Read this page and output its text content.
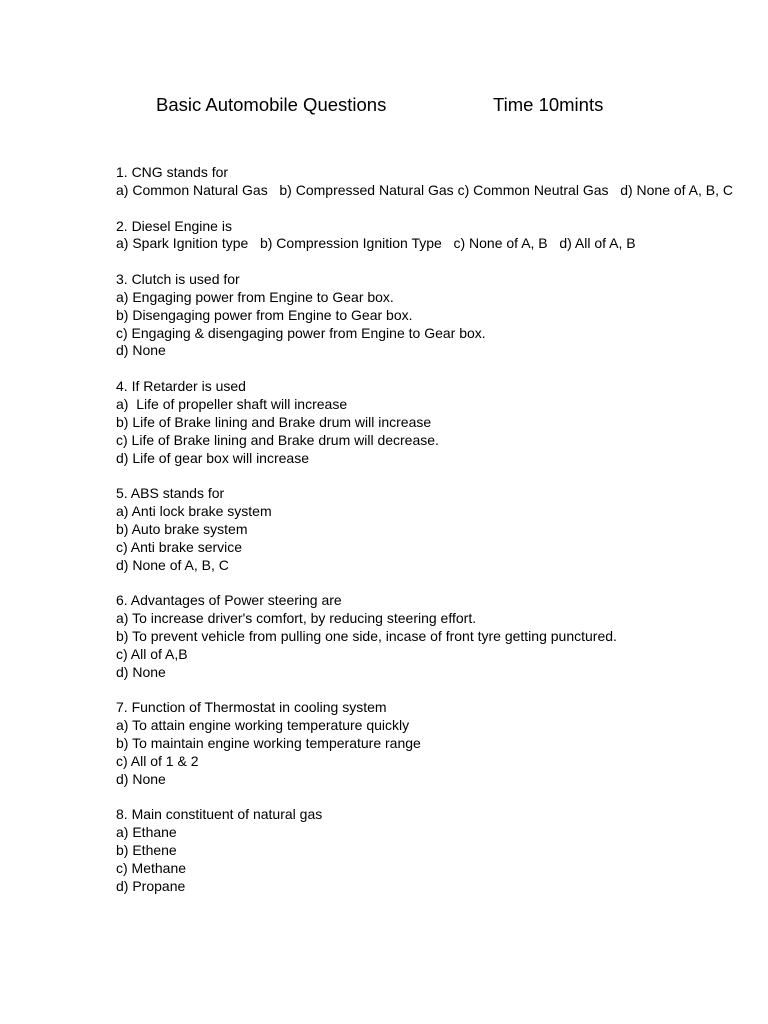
Basic Automobile Questions	Time 10mints
1. CNG stands for
a) Common Natural Gas   b) Compressed Natural Gas c) Common Neutral Gas   d) None of A, B, C
2. Diesel Engine is
a) Spark Ignition type   b) Compression Ignition Type   c) None of A, B   d) All of A, B
3. Clutch is used for
a) Engaging power from Engine to Gear box.
b) Disengaging power from Engine to Gear box.
c) Engaging & disengaging power from Engine to Gear box.
d) None
4. If Retarder is used
a)  Life of propeller shaft will increase
b) Life of Brake lining and Brake drum will increase
c) Life of Brake lining and Brake drum will decrease.
d) Life of gear box will increase
5. ABS stands for
a) Anti lock brake system
b) Auto brake system
c) Anti brake service
d) None of A, B, C
6. Advantages of Power steering are
a) To increase driver's comfort, by reducing steering effort.
b) To prevent vehicle from pulling one side, incase of front tyre getting punctured.
c) All of A,B
d) None
7. Function of Thermostat in cooling system
a) To attain engine working temperature quickly
b) To maintain engine working temperature range
c) All of 1 & 2
d) None
8. Main constituent of natural gas
a) Ethane
b) Ethene
c) Methane
d) Propane
